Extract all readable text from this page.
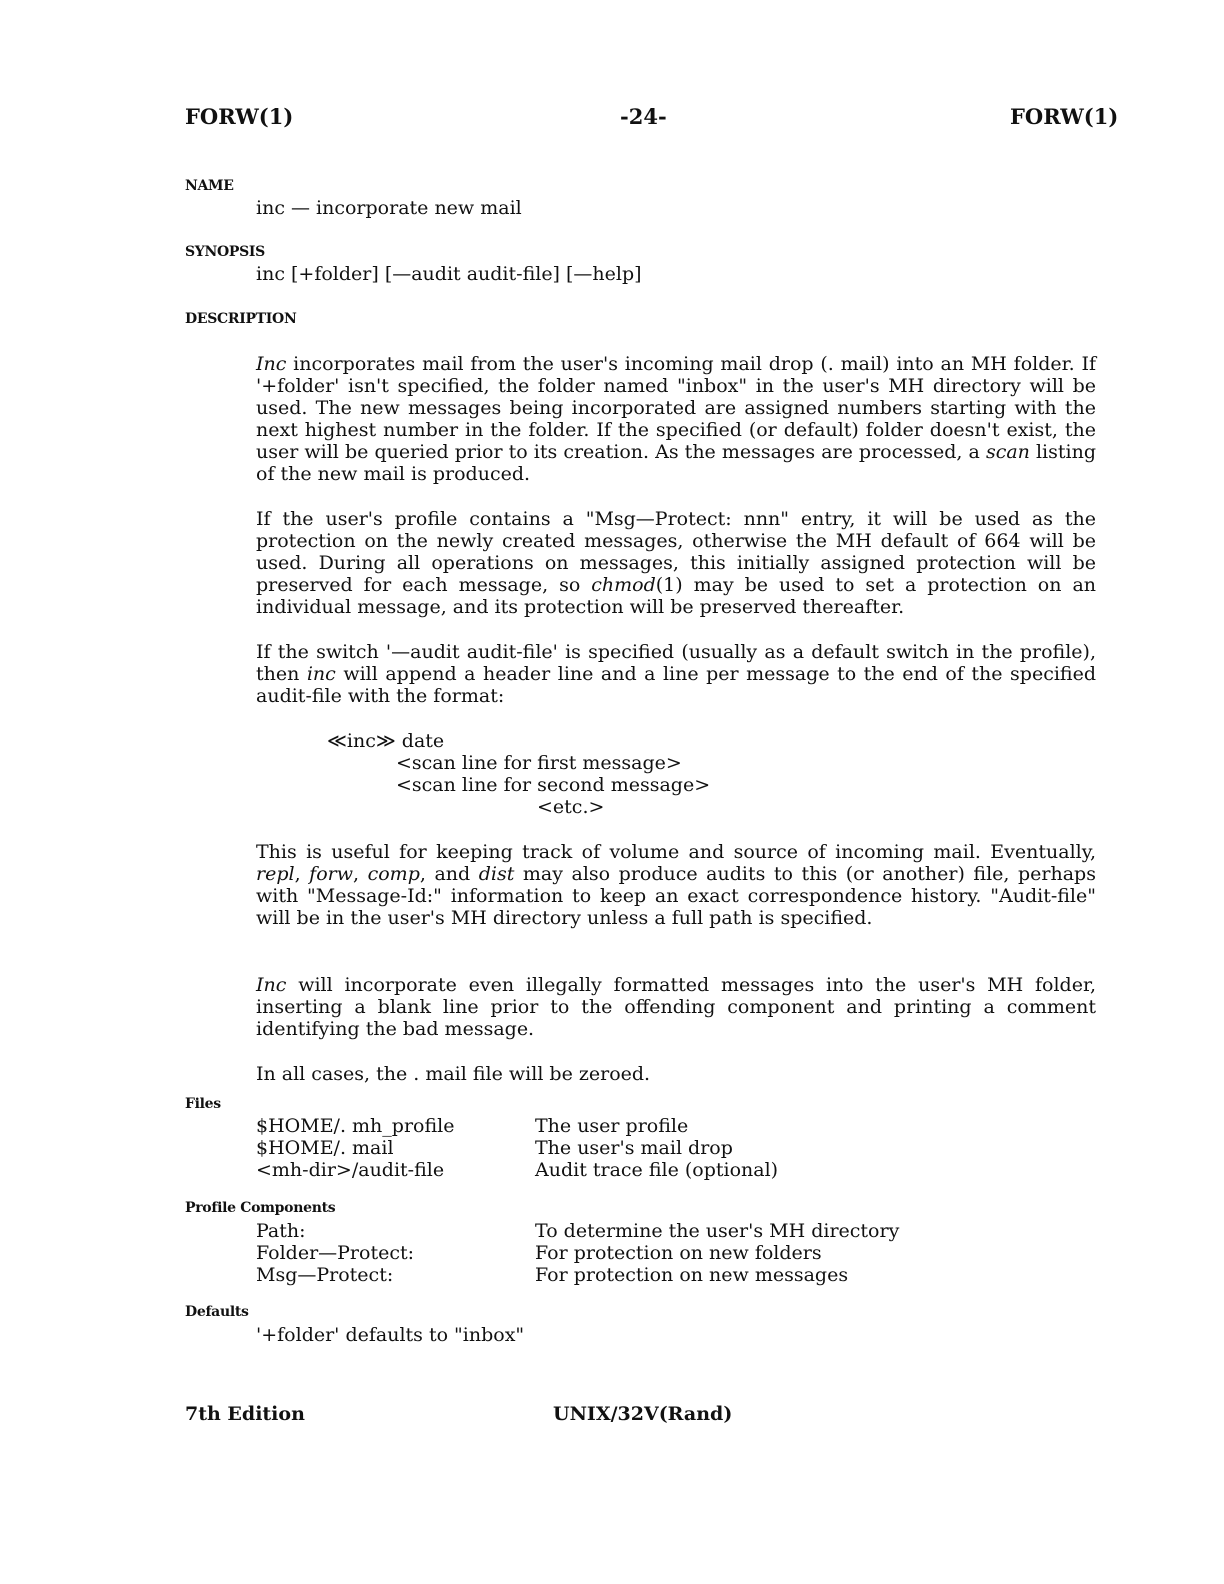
FORW(1)	-24-	FORW(1)
NAME
inc — incorporate new mail
SYNOPSIS
inc [+folder] [—audit audit-file] [—help]
DESCRIPTION
Inc incorporates mail from the user's incoming mail drop (. mail) into an MH folder. If '+folder' isn't specified, the folder named "inbox" in the user's MH directory will be used. The new messages being incorporated are assigned numbers starting with the next highest number in the folder. If the specified (or default) folder doesn't exist, the user will be queried prior to its creation. As the messages are processed, a scan listing of the new mail is produced.
If the user's profile contains a "Msg—Protect: nnn" entry, it will be used as the protection on the newly created messages, otherwise the MH default of 664 will be used. During all operations on messages, this initially assigned protection will be preserved for each message, so chmod(1) may be used to set a protection on an individual message, and its protection will be preserved thereafter.
If the switch '—audit audit-file' is specified (usually as a default switch in the profile), then inc will append a header line and a line per message to the end of the specified audit-file with the format:
≪inc≫ date
<scan line for first message>
<scan line for second message>
<etc.>
This is useful for keeping track of volume and source of incoming mail. Eventually, repl, forw, comp, and dist may also produce audits to this (or another) file, perhaps with "Message-Id:" information to keep an exact correspondence history. "Audit-file" will be in the user's MH directory unless a full path is specified.
Inc will incorporate even illegally formatted messages into the user's MH folder, inserting a blank line prior to the offending component and printing a comment identifying the bad message.
In all cases, the . mail file will be zeroed.
Files
$HOME/. mh_profile	The user profile
$HOME/. mail	The user's mail drop
<mh-dir>/audit-file	Audit trace file (optional)
Profile Components
Path:	To determine the user's MH directory
Folder—Protect:	For protection on new folders
Msg—Protect:	For protection on new messages
Defaults
'+folder' defaults to "inbox"
7th Edition	UNIX/32V(Rand)
